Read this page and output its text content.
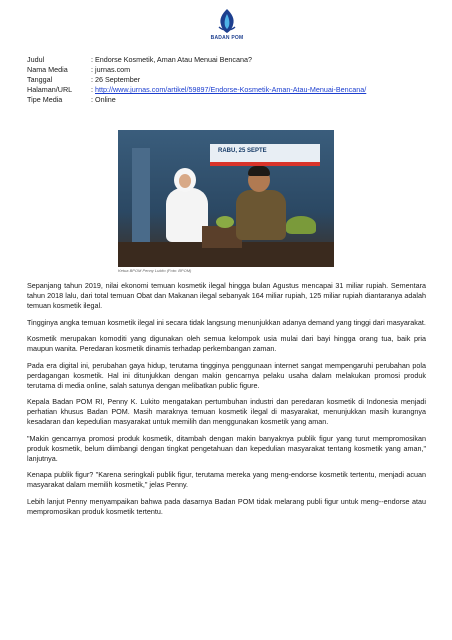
BADAN POM
Judul	: Endorse Kosmetik, Aman Atau Menuai Bencana?
Nama Media	: jurnas.com
Tanggal	: 26 September
Halaman/URL	: http://www.jurnas.com/artikel/59897/Endorse-Kosmetik-Aman-Atau-Menuai-Bencana/
Tipe Media	: Online
RABU, 25 SEPTE
Ketua BPOM Penny Lukito (Foto: BPOM)

Sepanjang tahun 2019, nilai ekonomi temuan kosmetik ilegal hingga bulan Agustus mencapai 31 miliar rupiah. Sementara tahun 2018 lalu, dari total temuan Obat dan Makanan ilegal sebanyak 164 miliar rupiah, 125 miliar rupiah diantaranya adalah temuan kosmetik ilegal.

Tingginya angka temuan kosmetik ilegal ini secara tidak langsung menunjukkan adanya demand yang tinggi dari masyarakat.

Kosmetik merupakan komoditi yang digunakan oleh semua kelompok usia mulai dari bayi hingga orang tua, baik pria maupun wanita. Peredaran kosmetik dinamis terhadap perkembangan zaman.

Pada era digital ini, perubahan gaya hidup, terutama tingginya penggunaan internet sangat mempengaruhi perubahan pola perdagangan kosmetik. Hal ini ditunjukkan dengan makin gencarnya pelaku usaha dalam melakukan promosi produk terutama di media online, salah satunya dengan melibatkan public figure.

Kepala Badan POM RI, Penny K. Lukito mengatakan pertumbuhan industri dan peredaran kosmetik di Indonesia menjadi perhatian khusus Badan POM. Masih maraknya temuan kosmetik ilegal di masyarakat, menunjukkan masih kurangnya kesadaran dan kepedulian masyarakat untuk memilih dan menggunakan kosmetik yang aman.

"Makin gencarnya promosi produk kosmetik, ditambah dengan makin banyaknya publik figur yang turut mempromosikan produk kosmetik, belum diimbangi dengan tingkat pengetahuan dan kepedulian masyarakat tentang kosmetik yang aman," lanjutnya.

Kenapa publik figur? "Karena seringkali publik figur, terutama mereka yang meng-endorse kosmetik tertentu, menjadi acuan masyarakat dalam memilih kosmetik," jelas Penny.

Lebih lanjut Penny menyampaikan bahwa pada dasarnya Badan POM tidak melarang publi figur untuk meng--endorse atau mempromosikan produk kosmetik tertentu.
